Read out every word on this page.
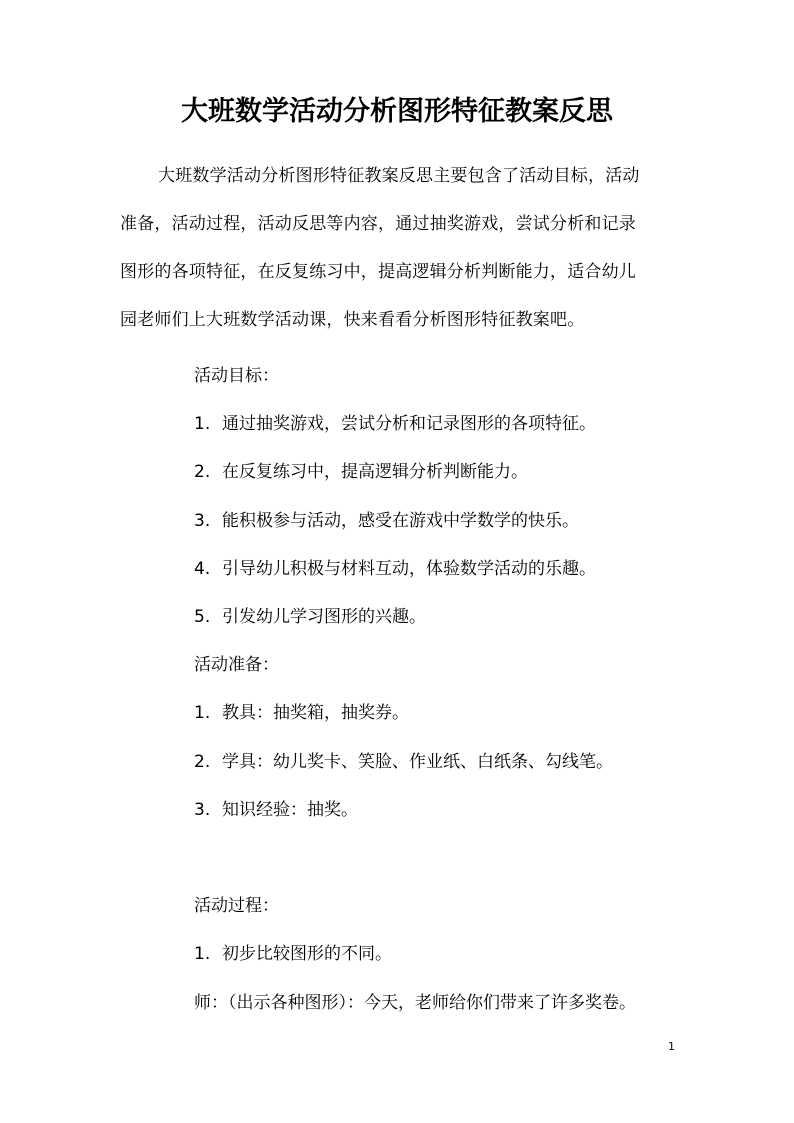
大班数学活动分析图形特征教案反思
大班数学活动分析图形特征教案反思主要包含了活动目标，活动
准备，活动过程，活动反思等内容，通过抽奖游戏，尝试分析和记录
图形的各项特征，在反复练习中，提高逻辑分析判断能力，适合幼儿
园老师们上大班数学活动课，快来看看分析图形特征教案吧。

活动目标：

1. 通过抽奖游戏，尝试分析和记录图形的各项特征。

2. 在反复练习中，提高逻辑分析判断能力。

3. 能积极参与活动，感受在游戏中学数学的快乐。

4. 引导幼儿积极与材料互动，体验数学活动的乐趣。

5. 引发幼儿学习图形的兴趣。

活动准备：

1. 教具：抽奖箱，抽奖券。

2. 学具：幼儿奖卡、笑脸、作业纸、白纸条、勾线笔。

3. 知识经验：抽奖。

活动过程：

1. 初步比较图形的不同。

师：（出示各种图形）：今天，老师给你们带来了许多奖卷。

1
